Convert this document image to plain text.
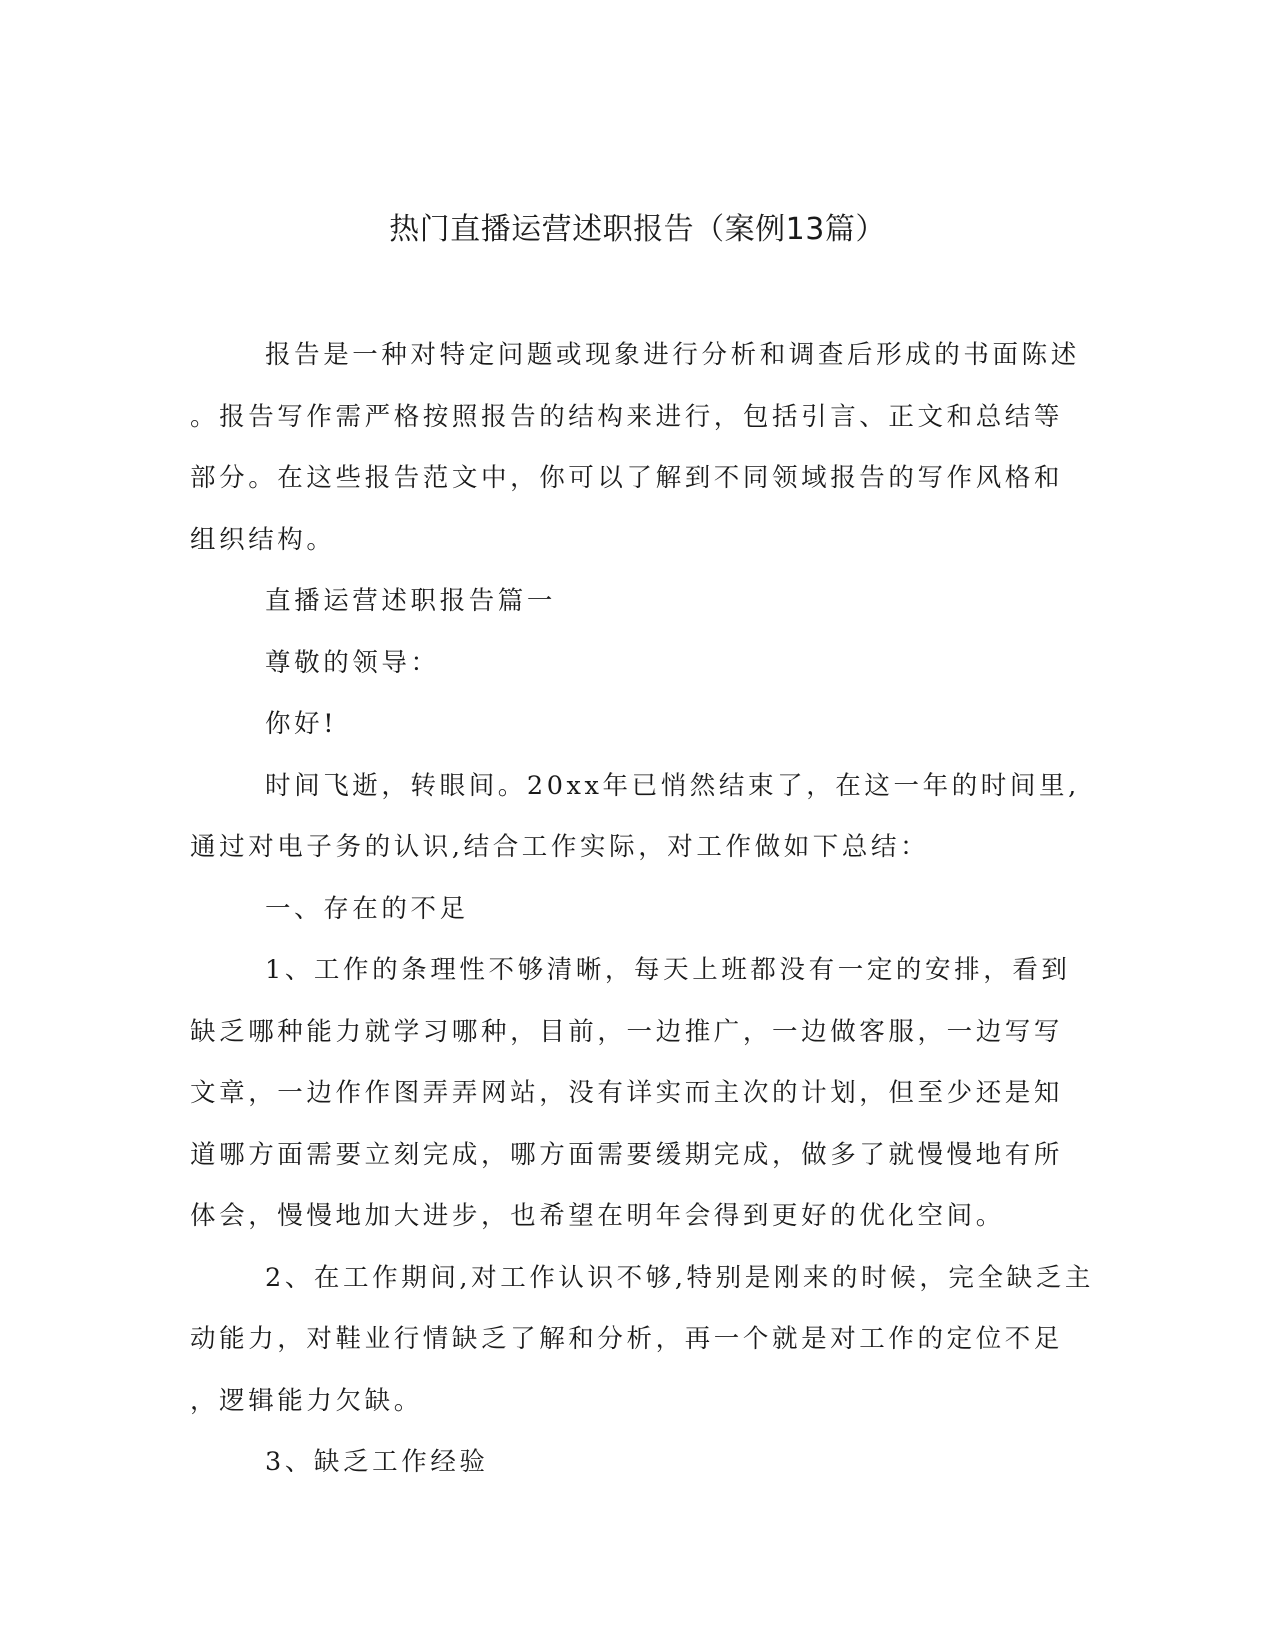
热门直播运营述职报告（案例13篇）

报告是一种对特定问题或现象进行分析和调查后形成的书面陈述

。报告写作需严格按照报告的结构来进行，包括引言、正文和总结等

部分。在这些报告范文中，你可以了解到不同领域报告的写作风格和

组织结构。

直播运营述职报告篇一

尊敬的领导：

你好!

时间飞逝，转眼间。20xx年已悄然结束了，在这一年的时间里,

通过对电子务的认识,结合工作实际，对工作做如下总结：

一、存在的不足

1、工作的条理性不够清晰，每天上班都没有一定的安排，看到

缺乏哪种能力就学习哪种，目前，一边推广，一边做客服，一边写写

文章，一边作作图弄弄网站，没有详实而主次的计划，但至少还是知

道哪方面需要立刻完成，哪方面需要缓期完成，做多了就慢慢地有所

体会，慢慢地加大进步，也希望在明年会得到更好的优化空间。

2、在工作期间,对工作认识不够,特别是刚来的时候，完全缺乏主

动能力，对鞋业行情缺乏了解和分析，再一个就是对工作的定位不足

，逻辑能力欠缺。

3、缺乏工作经验
